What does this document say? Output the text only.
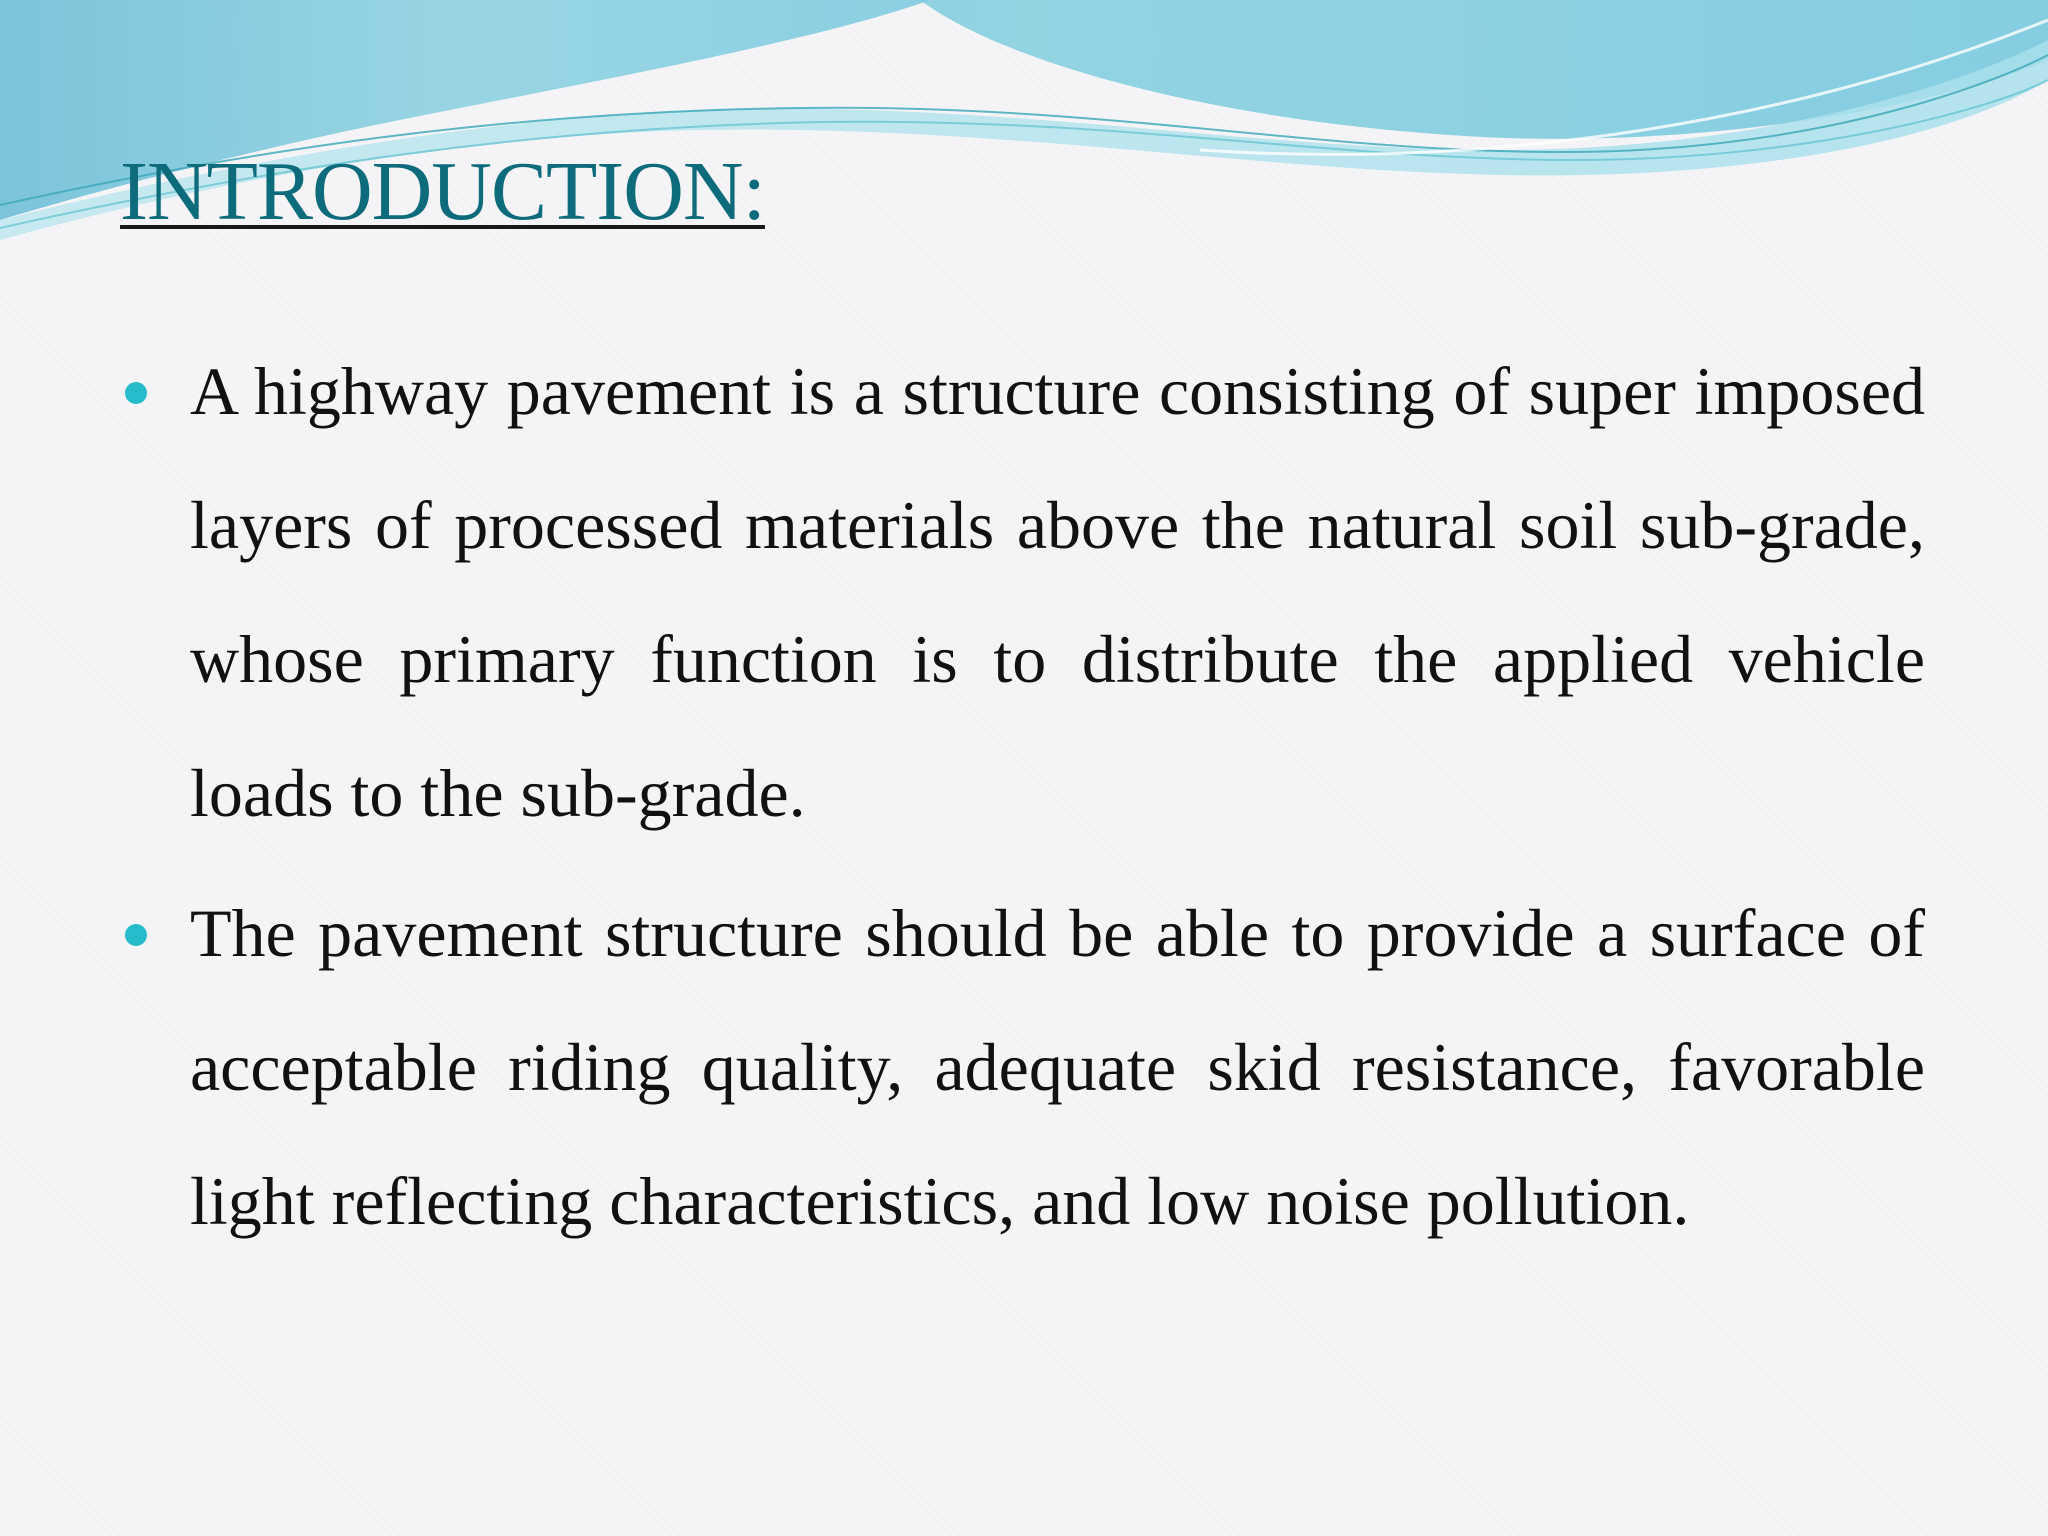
INTRODUCTION:
A highway pavement is a structure consisting of super imposed layers of processed materials above the natural soil sub-grade, whose primary function is to distribute the applied vehicle loads to the sub-grade.
The pavement structure should be able to provide a surface of acceptable riding quality, adequate skid resistance, favorable light reflecting characteristics, and low noise pollution.
